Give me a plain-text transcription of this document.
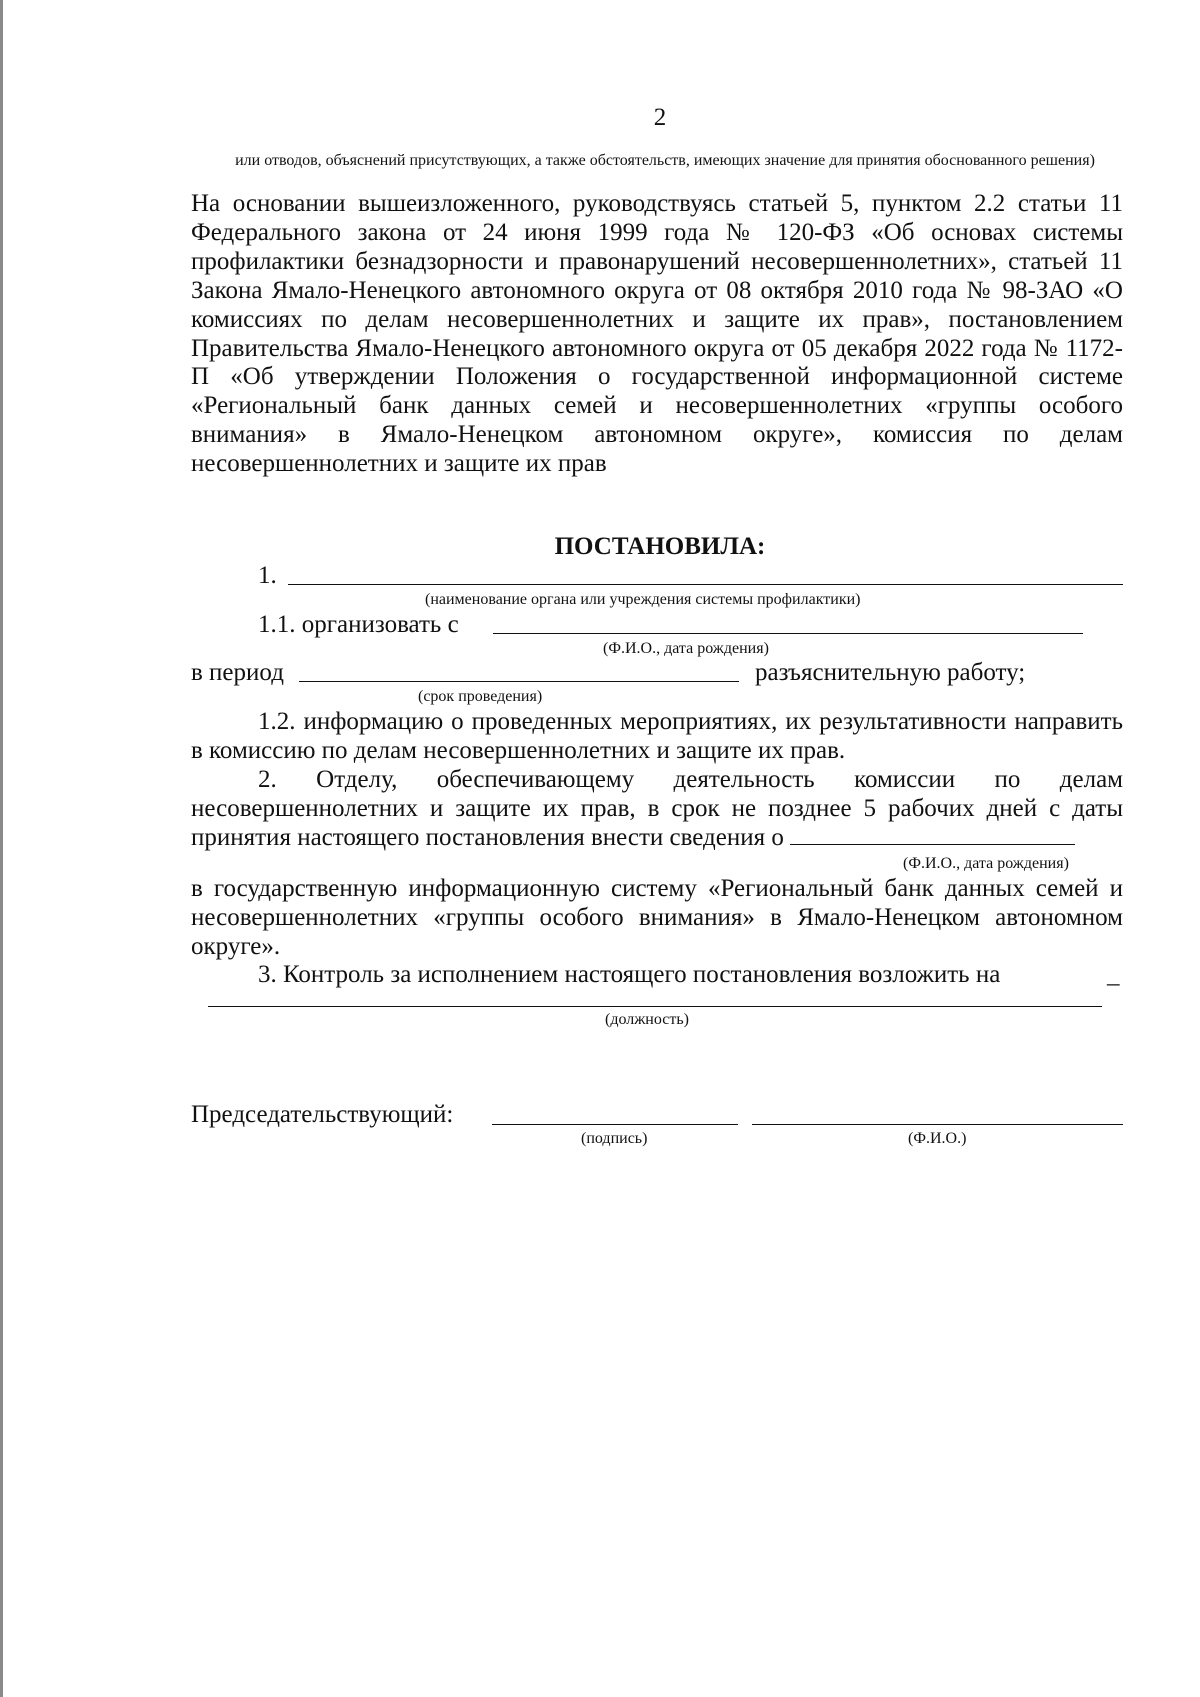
2
или отводов, объяснений присутствующих, а также обстоятельств, имеющих значение для принятия обоснованного решения)
На основании вышеизложенного, руководствуясь статьей 5, пунктом 2.2 статьи 11 Федерального закона от 24 июня 1999 года № 120-ФЗ «Об основах системы профилактики безнадзорности и правонарушений несовершеннолетних», статьей 11 Закона Ямало-Ненецкого автономного округа от 08 октября 2010 года № 98-ЗАО «О комиссиях по делам несовершеннолетних и защите их прав», постановлением Правительства Ямало-Ненецкого автономного округа от 05 декабря 2022 года № 1172-П «Об утверждении Положения о государственной информационной системе «Региональный банк данных семей и несовершеннолетних «группы особого внимания» в Ямало-Ненецком автономном округе», комиссия по делам несовершеннолетних и защите их прав
ПОСТАНОВИЛА:
1.
(наименование органа или учреждения системы профилактики)
1.1. организовать с
(Ф.И.О., дата рождения)
в период	разъяснительную работу;
(срок проведения)
1.2. информацию о проведенных мероприятиях, их результативности направить в комиссию по делам несовершеннолетних и защите их прав.
2. Отделу, обеспечивающему деятельность комиссии по делам несовершеннолетних и защите их прав, в срок не позднее 5 рабочих дней с даты принятия настоящего постановления внести сведения о
(Ф.И.О., дата рождения)
в государственную информационную систему «Региональный банк данных семей и несовершеннолетних «группы особого внимания» в Ямало-Ненецком автономном округе».
3. Контроль за исполнением настоящего постановления возложить на	_
(должность)
Председательствующий:
(подпись)	(Ф.И.О.)
